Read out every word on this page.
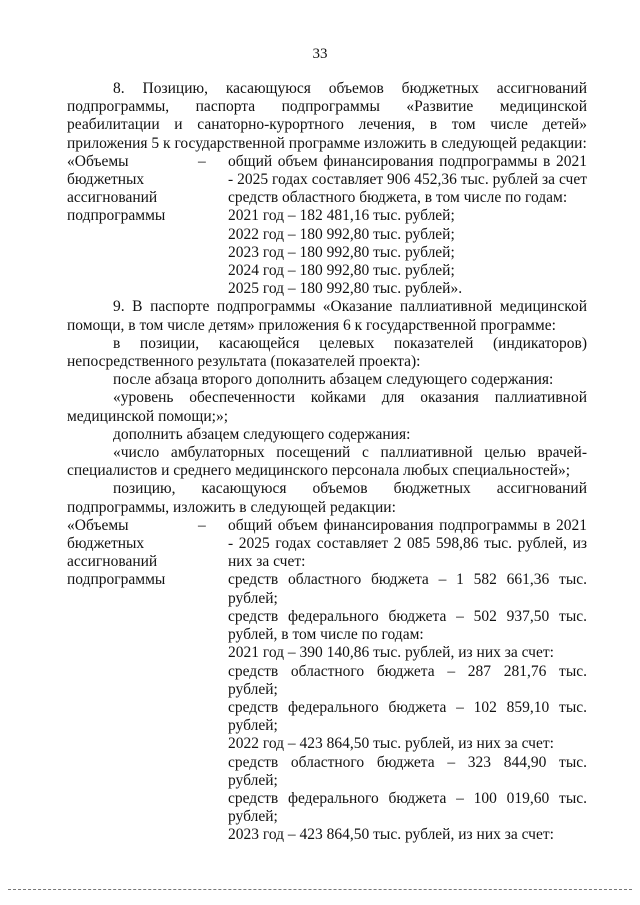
33

8. Позицию, касающуюся объемов бюджетных ассигнований подпрограммы, паспорта подпрограммы «Развитие медицинской реабилитации и санаторно-курортного лечения, в том числе детей» приложения 5 к государственной программе изложить в следующей редакции:

«Объемы
бюджетных
ассигнований
подпрограммы
–	общий объем финансирования подпрограммы в 2021 - 2025 годах составляет 906 452,36 тыс. рублей за счет средств областного бюджета, в том числе по годам:
2021 год – 182 481,16 тыс. рублей;
2022 год – 180 992,80 тыс. рублей;
2023 год – 180 992,80 тыс. рублей;
2024 год – 180 992,80 тыс. рублей;
2025 год – 180 992,80 тыс. рублей».

9. В паспорте подпрограммы «Оказание паллиативной медицинской помощи, в том числе детям» приложения 6 к государственной программе:

в позиции, касающейся целевых показателей (индикаторов) непосредственного результата (показателей проекта):

после абзаца второго дополнить абзацем следующего содержания:

«уровень обеспеченности койками для оказания паллиативной медицинской помощи;»;

дополнить абзацем следующего содержания:

«число амбулаторных посещений с паллиативной целью врачей-специалистов и среднего медицинского персонала любых специальностей»;

позицию, касающуюся объемов бюджетных ассигнований подпрограммы, изложить в следующей редакции:

«Объемы
бюджетных
ассигнований
подпрограммы
–	общий объем финансирования подпрограммы в 2021 - 2025 годах составляет 2 085 598,86 тыс. рублей, из них за счет:
средств областного бюджета – 1 582 661,36 тыс. рублей;
средств федерального бюджета – 502 937,50 тыс. рублей, в том числе по годам:
2021 год – 390 140,86 тыс. рублей, из них за счет:
средств областного бюджета – 287 281,76 тыс. рублей;
средств федерального бюджета – 102 859,10 тыс. рублей;
2022 год – 423 864,50 тыс. рублей, из них за счет:
средств областного бюджета – 323 844,90 тыс. рублей;
средств федерального бюджета – 100 019,60 тыс. рублей;
2023 год – 423 864,50 тыс. рублей, из них за счет:
